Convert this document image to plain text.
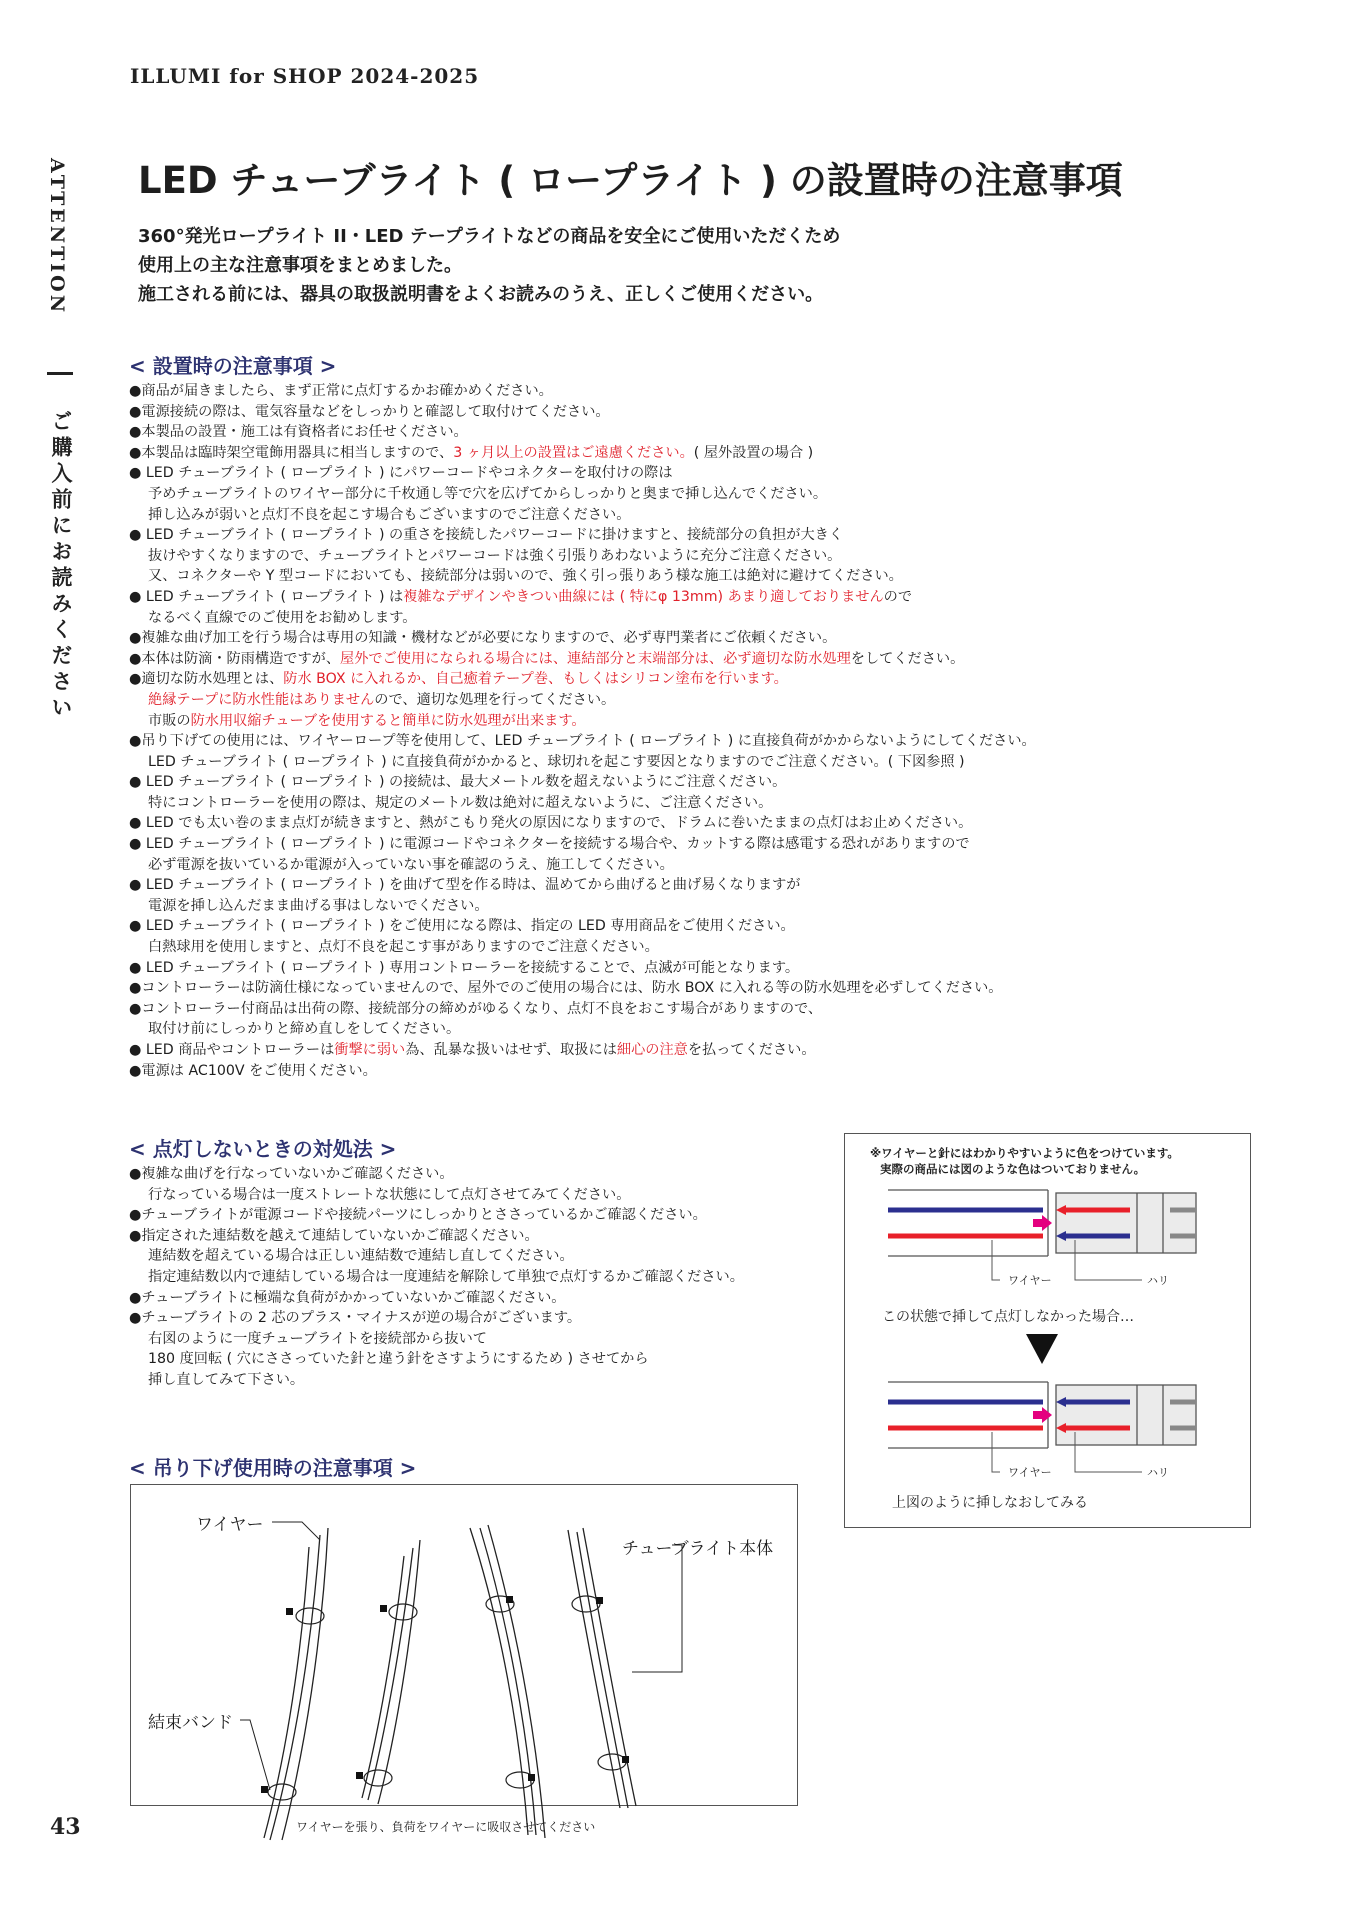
ILLUMI for SHOP 2024-2025
ATTENTION
ご購入前にお読みください
43
LED チューブライト ( ロープライト ) の設置時の注意事項
360°発光ロープライト II・LED テープライトなどの商品を安全にご使用いただくため
使用上の主な注意事項をまとめました。
施工される前には、器具の取扱説明書をよくお読みのうえ、正しくご使用ください。
< 設置時の注意事項 >
●商品が届きましたら、まず正常に点灯するかお確かめください。
●電源接続の際は、電気容量などをしっかりと確認して取付けてください。
●本製品の設置・施工は有資格者にお任せください。
●本製品は臨時架空電飾用器具に相当しますので、3 ヶ月以上の設置はご遠慮ください。( 屋外設置の場合 )
● LED チューブライト ( ロープライト ) にパワーコードやコネクターを取付けの際は
予めチューブライトのワイヤー部分に千枚通し等で穴を広げてからしっかりと奥まで挿し込んでください。
挿し込みが弱いと点灯不良を起こす場合もございますのでご注意ください。
● LED チューブライト ( ロープライト ) の重さを接続したパワーコードに掛けますと、接続部分の負担が大きく
抜けやすくなりますので、チューブライトとパワーコードは強く引張りあわないように充分ご注意ください。
又、コネクターや Y 型コードにおいても、接続部分は弱いので、強く引っ張りあう様な施工は絶対に避けてください。
● LED チューブライト ( ロープライト ) は複雑なデザインやきつい曲線には ( 特にφ 13mm) あまり適しておりませんので
なるべく直線でのご使用をお勧めします。
●複雑な曲げ加工を行う場合は専用の知識・機材などが必要になりますので、必ず専門業者にご依頼ください。
●本体は防滴・防雨構造ですが、屋外でご使用になられる場合には、連結部分と末端部分は、必ず適切な防水処理をしてください。
●適切な防水処理とは、防水 BOX に入れるか、自己癒着テープ巻、もしくはシリコン塗布を行います。
絶縁テープに防水性能はありませんので、適切な処理を行ってください。
市販の防水用収縮チューブを使用すると簡単に防水処理が出来ます。
●吊り下げての使用には、ワイヤーロープ等を使用して、LED チューブライト ( ロープライト ) に直接負荷がかからないようにしてください。
LED チューブライト ( ロープライト ) に直接負荷がかかると、球切れを起こす要因となりますのでご注意ください。( 下図参照 )
● LED チューブライト ( ロープライト ) の接続は、最大メートル数を超えないようにご注意ください。
特にコントローラーを使用の際は、規定のメートル数は絶対に超えないように、ご注意ください。
● LED でも太い巻のまま点灯が続きますと、熱がこもり発火の原因になりますので、ドラムに巻いたままの点灯はお止めください。
● LED チューブライト ( ロープライト ) に電源コードやコネクターを接続する場合や、カットする際は感電する恐れがありますので
必ず電源を抜いているか電源が入っていない事を確認のうえ、施工してください。
● LED チューブライト ( ロープライト ) を曲げて型を作る時は、温めてから曲げると曲げ易くなりますが
電源を挿し込んだまま曲げる事はしないでください。
● LED チューブライト ( ロープライト ) をご使用になる際は、指定の LED 専用商品をご使用ください。
白熱球用を使用しますと、点灯不良を起こす事がありますのでご注意ください。
● LED チューブライト ( ロープライト ) 専用コントローラーを接続することで、点滅が可能となります。
●コントローラーは防滴仕様になっていませんので、屋外でのご使用の場合には、防水 BOX に入れる等の防水処理を必ずしてください。
●コントローラー付商品は出荷の際、接続部分の締めがゆるくなり、点灯不良をおこす場合がありますので、
取付け前にしっかりと締め直しをしてください。
● LED 商品やコントローラーは衝撃に弱い為、乱暴な扱いはせず、取扱には細心の注意を払ってください。
●電源は AC100V をご使用ください。
< 点灯しないときの対処法 >
●複雑な曲げを行なっていないかご確認ください。
行なっている場合は一度ストレートな状態にして点灯させてみてください。
●チューブライトが電源コードや接続パーツにしっかりとささっているかご確認ください。
●指定された連結数を越えて連結していないかご確認ください。
連結数を超えている場合は正しい連結数で連結し直してください。
指定連結数以内で連結している場合は一度連結を解除して単独で点灯するかご確認ください。
●チューブライトに極端な負荷がかかっていないかご確認ください。
●チューブライトの 2 芯のプラス・マイナスが逆の場合がございます。
右図のように一度チューブライトを接続部から抜いて
180 度回転 ( 穴にささっていた針と違う針をさすようにするため ) させてから
挿し直してみて下さい。
※ワイヤーと針にはわかりやすいように色をつけています。
実際の商品には図のような色はついておりません。
ワイヤー	ハリ
この状態で挿して点灯しなかった場合…
ワイヤー	ハリ
上図のように挿しなおしてみる
< 吊り下げ使用時の注意事項 >
ワイヤー
チューブライト本体
結束バンド
ワイヤーを張り、負荷をワイヤーに吸収させてください
